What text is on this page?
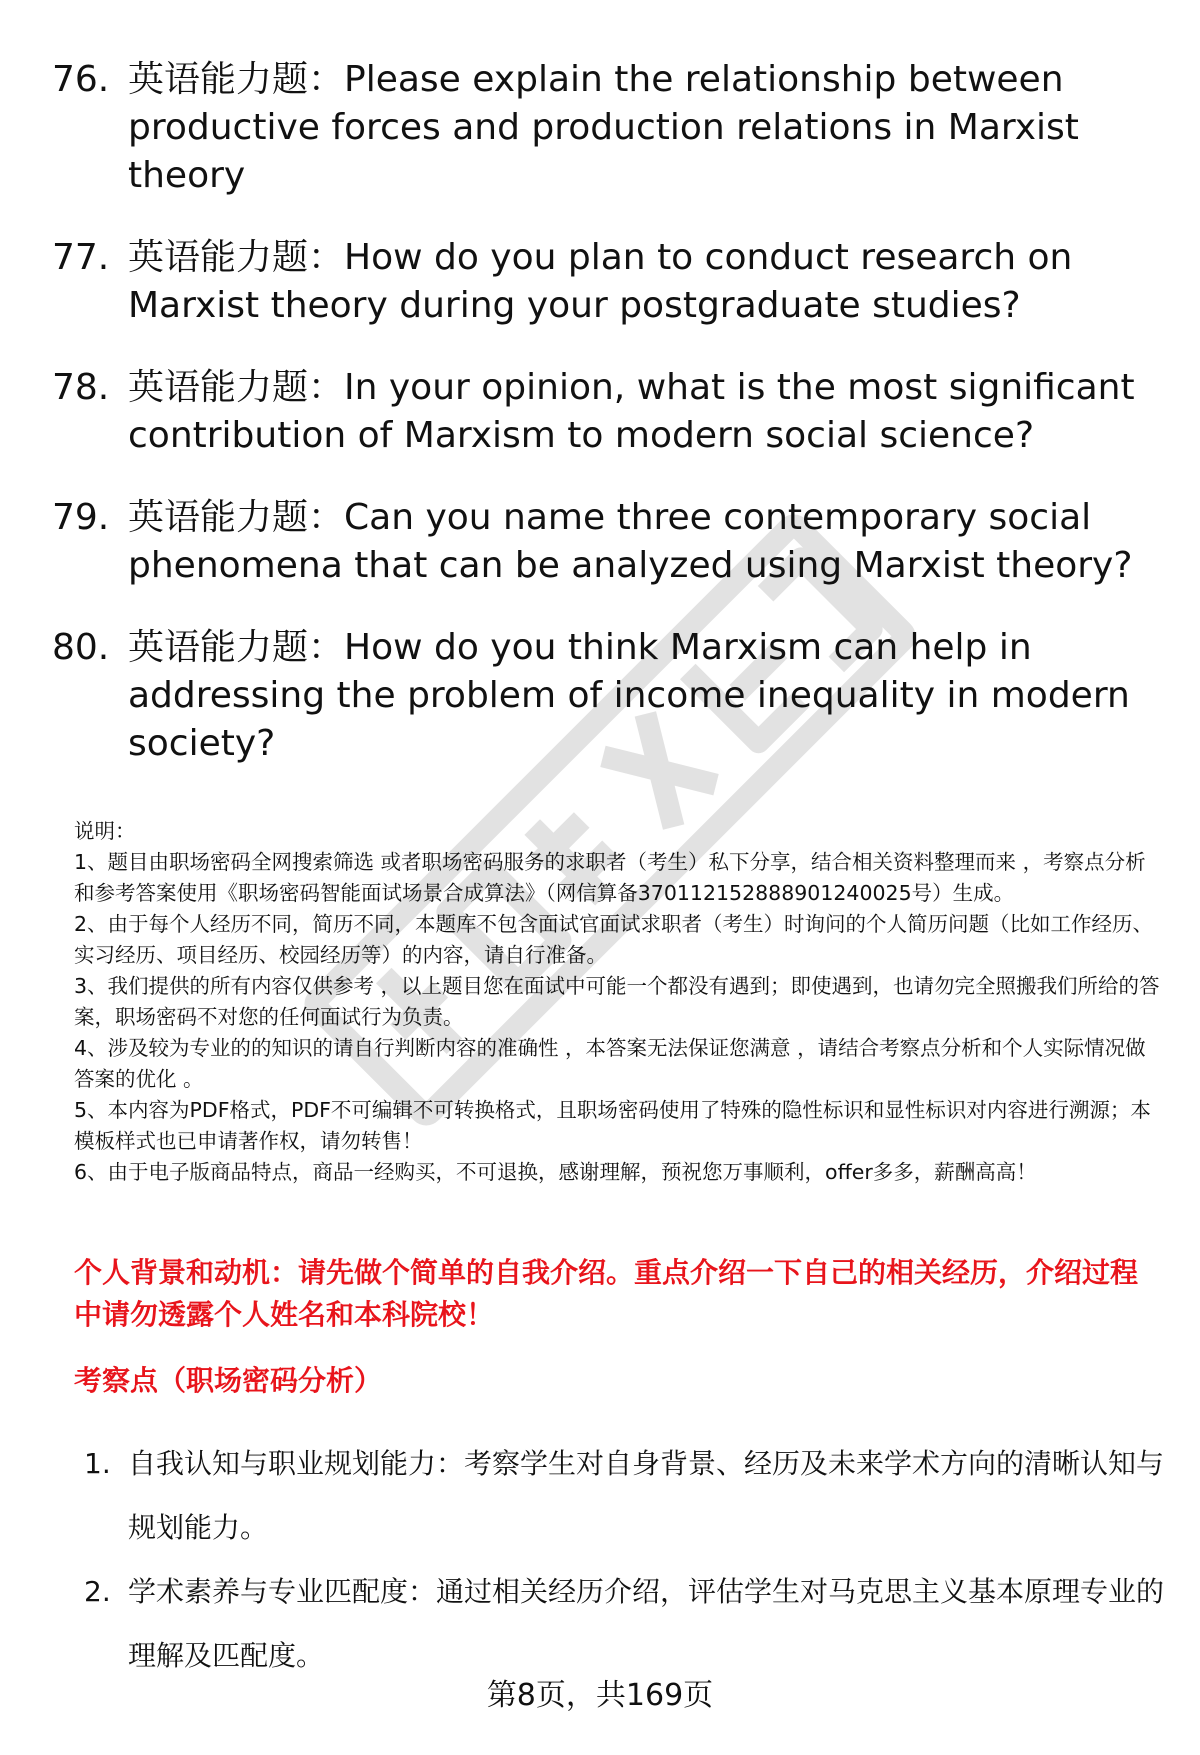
76. 英语能力题：Please explain the relationship between productive forces and production relations in Marxist theory
77. 英语能力题：How do you plan to conduct research on Marxist theory during your postgraduate studies?
78. 英语能力题：In your opinion, what is the most significant contribution of Marxism to modern social science?
79. 英语能力题：Can you name three contemporary social phenomena that can be analyzed using Marxist theory?
80. 英语能力题：How do you think Marxism can help in addressing the problem of income inequality in modern society?

说明：

1、题目由职场密码全网搜索筛选 或者职场密码服务的求职者（考生）私下分享，结合相关资料整理而来 ，考察点分析和参考答案使用《职场密码智能面试场景合成算法》（网信算备370112152888901240025号）生成。

2、由于每个人经历不同，简历不同，本题库不包含面试官面试求职者（考生）时询问的个人简历问题（比如工作经历、实习经历、项目经历、校园经历等）的内容，请自行准备。

3、我们提供的所有内容仅供参考 ，以上题目您在面试中可能一个都没有遇到；即使遇到，也请勿完全照搬我们所给的答案，职场密码不对您的任何面试行为负责。

4、涉及较为专业的的知识的请自行判断内容的准确性 ，本答案无法保证您满意 ，请结合考察点分析和个人实际情况做答案的优化 。

5、本内容为PDF格式，PDF不可编辑不可转换格式，且职场密码使用了特殊的隐性标识和显性标识对内容进行溯源；本模板样式也已申请著作权，请勿转售！

6、由于电子版商品特点，商品一经购买，不可退换，感谢理解，预祝您万事顺利，offer多多，薪酬高高！

个人背景和动机：请先做个简单的自我介绍。重点介绍一下自己的相关经历，介绍过程中请勿透露个人姓名和本科院校！

考察点（职场密码分析）

1. 自我认知与职业规划能力：考察学生对自身背景、经历及未来学术方向的清晰认知与规划能力。
2. 学术素养与专业匹配度：通过相关经历介绍，评估学生对马克思主义基本原理专业的理解及匹配度。
第8页，共169页
